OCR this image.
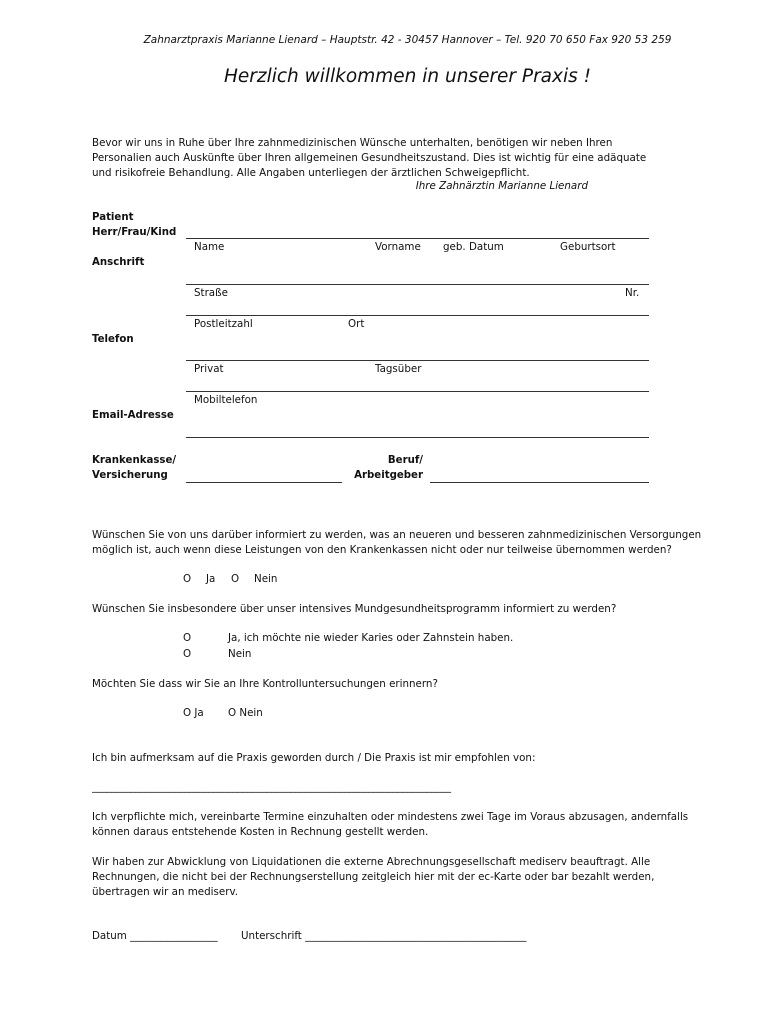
Zahnarztpraxis Marianne Lienard – Hauptstr. 42 - 30457 Hannover – Tel. 920 70 650 Fax 920 53 259
Herzlich willkommen in unserer Praxis !

Bevor wir uns in Ruhe über Ihre zahnmedizinischen Wünsche unterhalten, benötigen wir neben Ihren

Personalien auch Auskünfte über Ihren allgemeinen Gesundheitszustand. Dies ist wichtig für eine adäquate

und risikofreie Behandlung. Alle Angaben unterliegen der ärztlichen Schweigepflicht.

Ihre Zahnärztin Marianne Lienard
Patient
Herr/Frau/Kind
Name	Vorname geb. Datum	Geburtsort
Anschrift
Straße	Nr.
Postleitzahl	Ort
Telefon
Privat	Tagsüber
Mobiltelefon
Email-Adresse
Krankenkasse/
Versicherung
Beruf/
Arbeitgeber

Wünschen Sie von uns darüber informiert zu werden, was an neueren und besseren zahnmedizinischen Versorgungen

möglich ist, auch wenn diese Leistungen von den Krankenkassen nicht oder nur teilweise übernommen werden?

O Ja O Nein
Wünschen Sie insbesondere über unser intensives Mundgesundheitsprogramm informiert zu werden?
O	Ja, ich möchte nie wieder Karies oder Zahnstein haben.
O	Nein
Möchten Sie dass wir Sie an Ihre Kontrolluntersuchungen erinnern?
O Ja O Nein
Ich bin aufmerksam auf die Praxis geworden durch / Die Praxis ist mir empfohlen von:
__________________________________________________________________________

Ich verpflichte mich, vereinbarte Termine einzuhalten oder mindestens zwei Tage im Voraus abzusagen, andernfalls

können daraus entstehende Kosten in Rechnung gestellt werden.

Wir haben zur Abwicklung von Liquidationen die externe Abrechnungsgesellschaft mediserv beauftragt. Alle

Rechnungen, die nicht bei der Rechnungserstellung zeitgleich hier mit der ec-Karte oder bar bezahlt werden,

übertragen wir an mediserv.

Datum _________________	Unterschrift ___________________________________________
